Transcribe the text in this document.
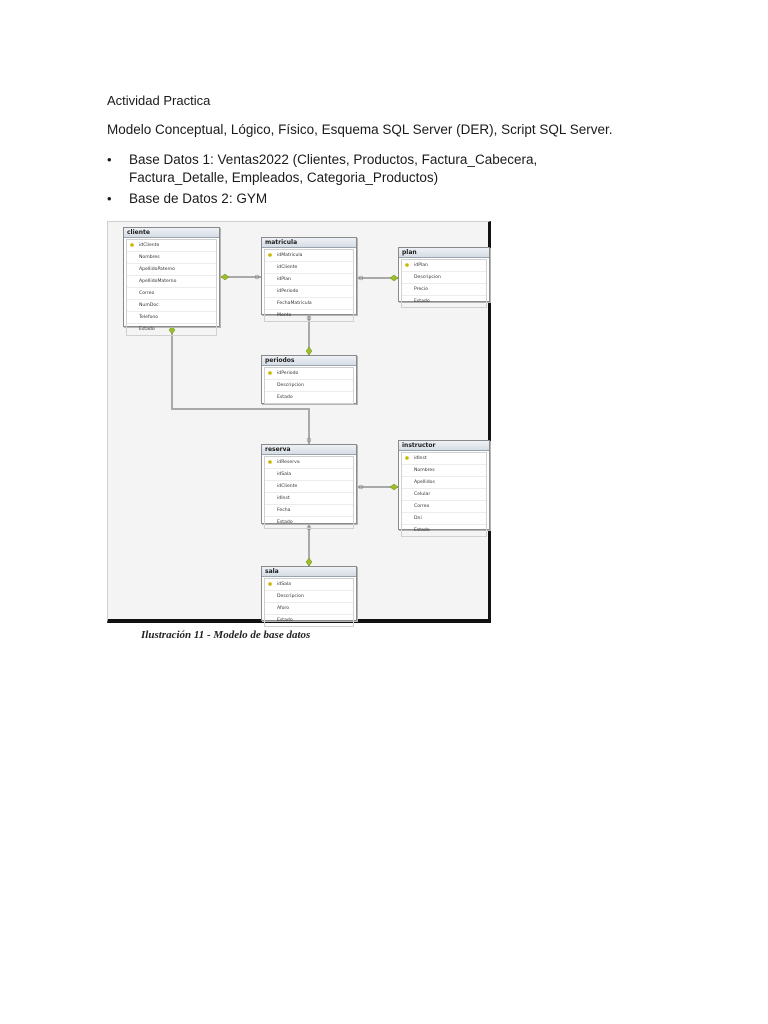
Actividad Practica
Modelo Conceptual, Lógico, Físico, Esquema SQL Server (DER), Script SQL Server.
• Base Datos 1: Ventas2022 (Clientes, Productos, Factura_Cabecera, Factura_Detalle, Empleados, Categoria_Productos)
• Base de Datos 2: GYM
cliente
idCliente
Nombres
ApellidoPaterno
ApellidoMaterno
Correo
NumDoc
Telefono
Estado
matricula
idMatricula
idCliente
idPlan
idPeriodo
FechaMatricula
Monto
plan
idPlan
Descripcion
Precio
Estado
periodos
idPeriodo
Descripcion
Estado
reserva
idReserva
idSala
idCliente
idInst
Fecha
Estado
instructor
idInst
Nombres
Apellidos
Celular
Correo
Dni
Estado
sala
idSala
Descripcion
Aforo
Estado
Ilustración 11 - Modelo de base datos
